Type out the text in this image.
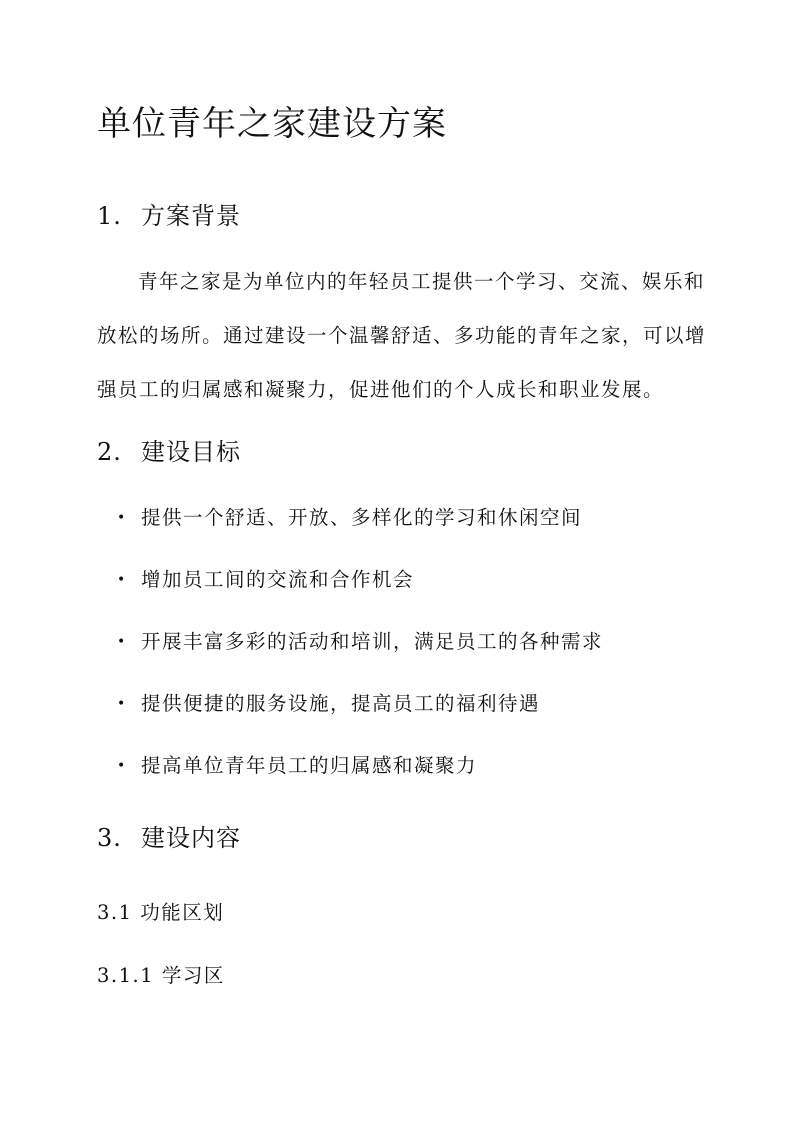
单位青年之家建设方案
1. 方案背景
青年之家是为单位内的年轻员工提供一个学习、交流、娱乐和
放松的场所。通过建设一个温馨舒适、多功能的青年之家，可以增
强员工的归属感和凝聚力，促进他们的个人成长和职业发展。
2. 建设目标
• 提供一个舒适、开放、多样化的学习和休闲空间
• 增加员工间的交流和合作机会
• 开展丰富多彩的活动和培训，满足员工的各种需求
• 提供便捷的服务设施，提高员工的福利待遇
• 提高单位青年员工的归属感和凝聚力
3. 建设内容
3.1 功能区划
3.1.1 学习区
